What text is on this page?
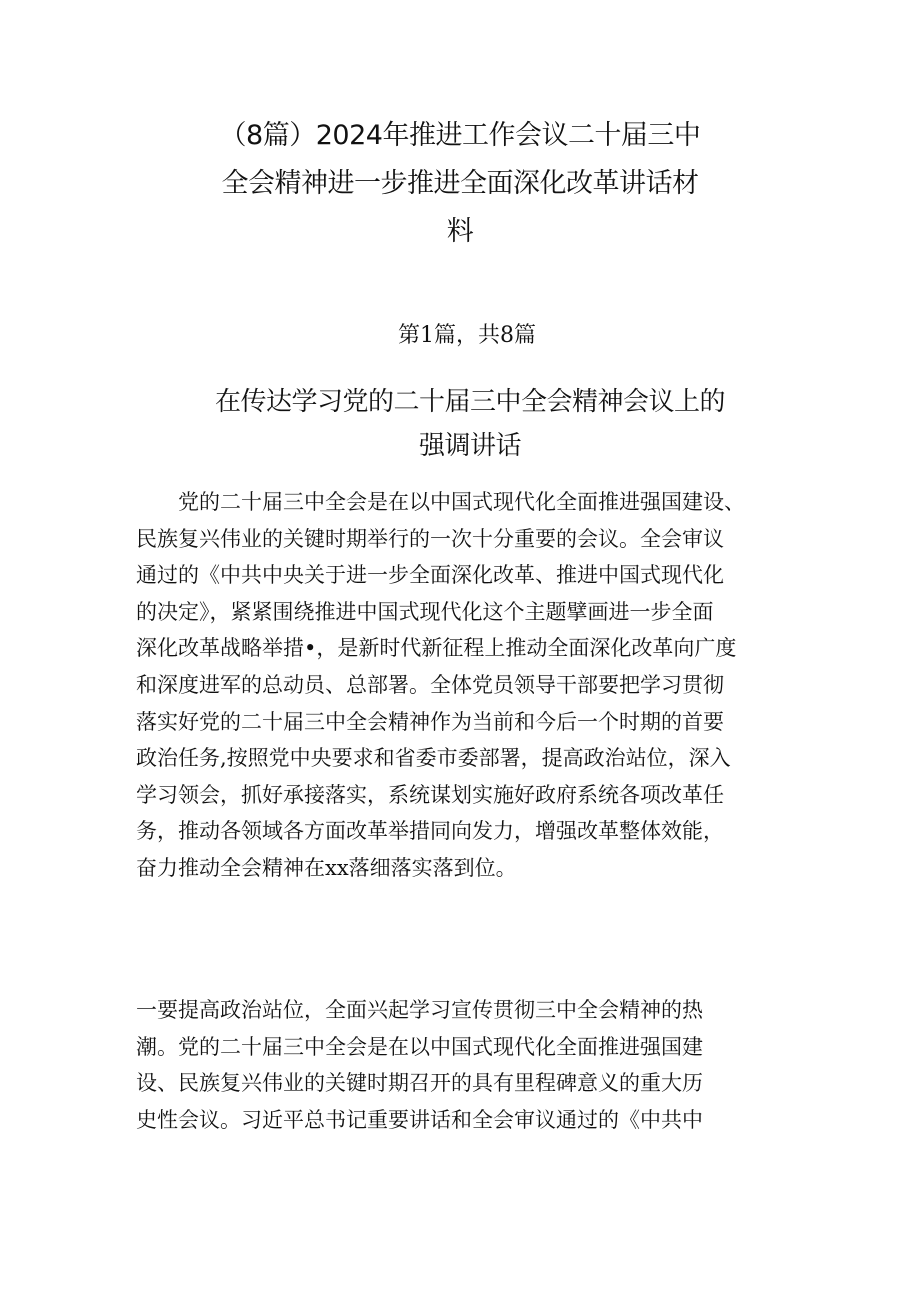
（8篇）2024年推进工作会议二十届三中
全会精神进一步推进全面深化改革讲话材
料
第1篇，共8篇
在传达学习党的二十届三中全会精神会议上的
强调讲话
　　党的二十届三中全会是在以中国式现代化全面推进强国建设、
民族复兴伟业的关键时期举行的一次十分重要的会议。全会审议
通过的《中共中央关于进一步全面深化改革、推进中国式现代化
的决定》，紧紧围绕推进中国式现代化这个主题擘画进一步全面
深化改革战略举措•，是新时代新征程上推动全面深化改革向广度
和深度进军的总动员、总部署。全体党员领导干部要把学习贯彻
落实好党的二十届三中全会精神作为当前和今后一个时期的首要
政治任务,按照党中央要求和省委市委部署，提高政治站位，深入
学习领会，抓好承接落实，系统谋划实施好政府系统各项改革任
务，推动各领域各方面改革举措同向发力，增强改革整体效能，
奋力推动全会精神在xx落细落实落到位。
一要提高政治站位，全面兴起学习宣传贯彻三中全会精神的热
潮。党的二十届三中全会是在以中国式现代化全面推进强国建
设、民族复兴伟业的关键时期召开的具有里程碑意义的重大历
史性会议。习近平总书记重要讲话和全会审议通过的《中共中
